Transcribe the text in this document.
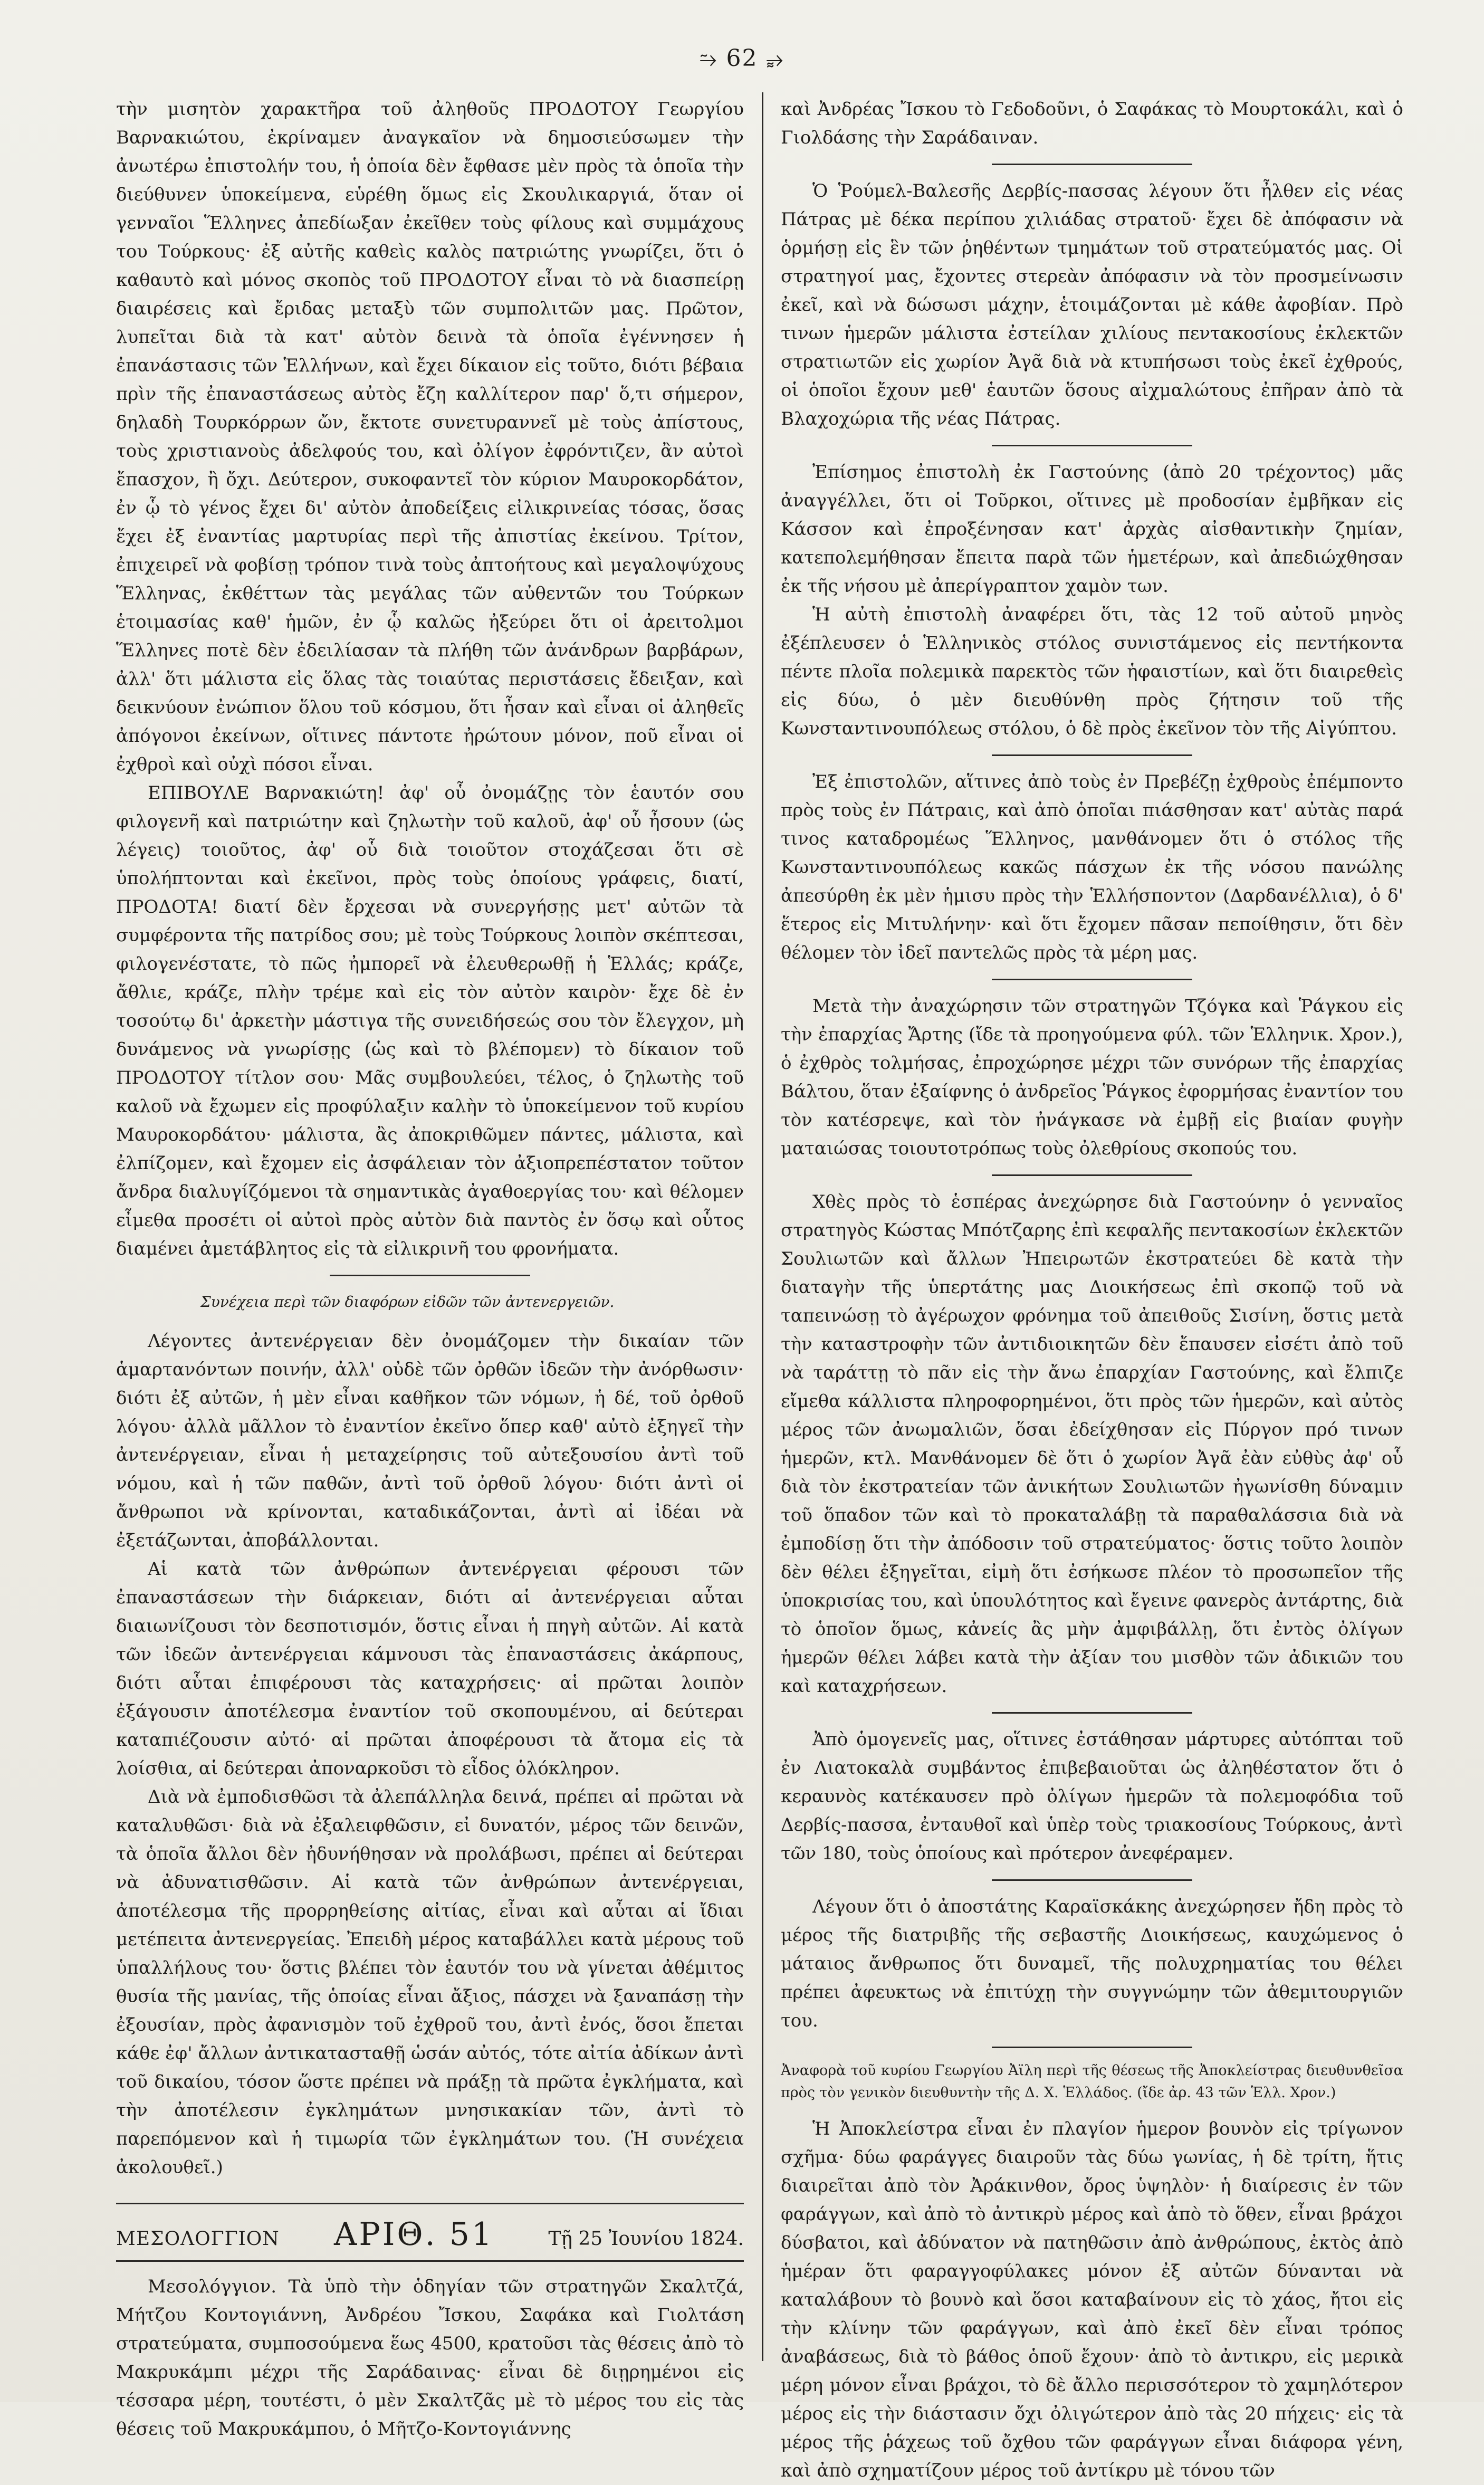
⥲ 62 ⥵

τὴν μισητὸν χαρακτῆρα τοῦ ἀληθοῦς ΠΡΟΔΟΤΟΥ Γεωργίου Βαρνακιώτου, ἐκρίναμεν ἀναγκαῖον νὰ δημοσιεύσωμεν τὴν ἀνωτέρω ἐπιστολήν του, ἡ ὁποία δὲν ἔφθασε μὲν πρὸς τὰ ὁποῖα τὴν διεύθυνεν ὑποκείμενα, εὑρέθη ὅμως εἰς Σκουλικαργιά, ὅταν οἱ γενναῖοι Ἕλληνες ἀπεδίωξαν ἐκεῖθεν τοὺς φίλους καὶ συμμάχους του Τούρκους· ἐξ αὐτῆς καθεὶς καλὸς πατριώτης γνωρίζει, ὅτι ὁ καθαυτὸ καὶ μόνος σκοπὸς τοῦ ΠΡΟΔΟΤΟΥ εἶναι τὸ νὰ διασπείρῃ διαιρέσεις καὶ ἔριδας μεταξὺ τῶν συμπολιτῶν μας. Πρῶτον, λυπεῖται διὰ τὰ κατ' αὐτὸν δεινὰ τὰ ὁποῖα ἐγέννησεν ἡ ἐπανάστασις τῶν Ἑλλήνων, καὶ ἔχει δίκαιον εἰς τοῦτο, διότι βέβαια πρὶν τῆς ἐπαναστάσεως αὐτὸς ἔζη καλλίτερον παρ' ὅ,τι σήμερον, δηλαδὴ Τουρκόρρων ὤν, ἔκτοτε συνετυραννεῖ μὲ τοὺς ἀπίστους, τοὺς χριστιανοὺς ἀδελφούς του, καὶ ὀλίγον ἐφρόντιζεν, ἂν αὐτοὶ ἔπασχον, ἢ ὄχι. Δεύτερον, συκοφαντεῖ τὸν κύριον Μαυροκορδάτον, ἐν ᾧ τὸ γένος ἔχει δι' αὐτὸν ἀποδείξεις εἰλικρινείας τόσας, ὅσας ἔχει ἐξ ἐναντίας μαρτυρίας περὶ τῆς ἀπιστίας ἐκείνου. Τρίτον, ἐπιχειρεῖ νὰ φοβίσῃ τρόπον τινὰ τοὺς ἀπτοήτους καὶ μεγαλοψύχους Ἕλληνας, ἐκθέττων τὰς μεγάλας τῶν αὐθεντῶν του Τούρκων ἑτοιμασίας καθ' ἡμῶν, ἐν ᾧ καλῶς ἠξεύρει ὅτι οἱ ἀρειτολμοι Ἕλληνες ποτὲ δὲν ἐδειλίασαν τὰ πλήθη τῶν ἀνάνδρων βαρβάρων, ἀλλ' ὅτι μάλιστα εἰς ὅλας τὰς τοιαύτας περιστάσεις ἔδειξαν, καὶ δεικνύουν ἐνώπιον ὅλου τοῦ κόσμου, ὅτι ἦσαν καὶ εἶναι οἱ ἀληθεῖς ἀπόγονοι ἐκείνων, οἵτινες πάντοτε ἠρώτουν μόνον, ποῦ εἶναι οἱ ἐχθροὶ καὶ οὐχὶ πόσοι εἶναι.

ΕΠΙΒΟΥΛΕ Βαρνακιώτη! ἀφ' οὗ ὀνομάζῃς τὸν ἑαυτόν σου φιλογενῆ καὶ πατριώτην καὶ ζηλωτὴν τοῦ καλοῦ, ἀφ' οὗ ἦσουν (ὡς λέγεις) τοιοῦτος, ἀφ' οὗ διὰ τοιοῦτον στοχάζεσαι ὅτι σὲ ὑπολήπτονται καὶ ἐκεῖνοι, πρὸς τοὺς ὁποίους γράφεις, διατί, ΠΡΟΔΟΤΑ! διατί δὲν ἔρχεσαι νὰ συνεργήσῃς μετ' αὐτῶν τὰ συμφέροντα τῆς πατρίδος σου; μὲ τοὺς Τούρκους λοιπὸν σκέπτεσαι, φιλογενέστατε, τὸ πῶς ἠμπορεῖ νὰ ἐλευθερωθῇ ἡ Ἑλλάς; κράζε, ἄθλιε, κράζε, πλὴν τρέμε καὶ εἰς τὸν αὐτὸν καιρὸν· ἔχε δὲ ἐν τοσούτῳ δι' ἀρκετὴν μάστιγα τῆς συνειδήσεώς σου τὸν ἔλεγχον, μὴ δυνάμενος νὰ γνωρίσῃς (ὡς καὶ τὸ βλέπομεν) τὸ δίκαιον τοῦ ΠΡΟΔΟΤΟΥ τίτλον σου· Μᾶς συμβουλεύει, τέλος, ὁ ζηλωτὴς τοῦ καλοῦ νὰ ἔχωμεν εἰς προφύλαξιν καλὴν τὸ ὑποκείμενον τοῦ κυρίου Μαυροκορδάτου· μάλιστα, ἂς ἀποκριθῶμεν πάντες, μάλιστα, καὶ ἐλπίζομεν, καὶ ἔχομεν εἰς ἀσφάλειαν τὸν ἀξιοπρεπέστατον τοῦτον ἄνδρα διαλυγίζόμενοι τὰ σημαντικὰς ἀγαθοεργίας του· καὶ θέλομεν εἶμεθα προσέτι οἱ αὐτοὶ πρὸς αὐτὸν διὰ παντὸς ἐν ὅσῳ καὶ οὗτος διαμένει ἀμετάβλητος εἰς τὰ εἰλικρινῆ του φρονήματα.

Συνέχεια περὶ τῶν διαφόρων εἰδῶν τῶν ἀντενεργειῶν.

Λέγοντες ἀντενέργειαν δὲν ὀνομάζομεν τὴν δικαίαν τῶν ἁμαρτανόντων ποινήν, ἀλλ' οὐδὲ τῶν ὀρθῶν ἰδεῶν τὴν ἀνόρθωσιν· διότι ἐξ αὐτῶν, ἡ μὲν εἶναι καθῆκον τῶν νόμων, ἡ δέ, τοῦ ὀρθοῦ λόγου· ἀλλὰ μᾶλλον τὸ ἐναντίον ἐκεῖνο ὅπερ καθ' αὐτὸ ἐξηγεῖ τὴν ἀντενέργειαν, εἶναι ἡ μεταχείρησις τοῦ αὐτεξουσίου ἀντὶ τοῦ νόμου, καὶ ἡ τῶν παθῶν, ἀντὶ τοῦ ὀρθοῦ λόγου· διότι ἀντὶ οἱ ἄνθρωποι νὰ κρίνονται, καταδικάζονται, ἀντὶ αἱ ἰδέαι νὰ ἐξετάζωνται, ἀποβάλλονται.

Αἱ κατὰ τῶν ἀνθρώπων ἀντενέργειαι φέρουσι τῶν ἐπαναστάσεων τὴν διάρκειαν, διότι αἱ ἀντενέργειαι αὗται διαιωνίζουσι τὸν δεσποτισμόν, ὅστις εἶναι ἡ πηγὴ αὐτῶν. Αἱ κατὰ τῶν ἰδεῶν ἀντενέργειαι κάμνουσι τὰς ἐπαναστάσεις ἀκάρπους, διότι αὗται ἐπιφέρουσι τὰς καταχρήσεις· αἱ πρῶται λοιπὸν ἐξάγουσιν ἀποτέλεσμα ἐναντίον τοῦ σκοπουμένου, αἱ δεύτεραι καταπιέζουσιν αὐτό· αἱ πρῶται ἀποφέρουσι τὰ ἄτομα εἰς τὰ λοίσθια, αἱ δεύτεραι ἀποναρκοῦσι τὸ εἶδος ὁλόκληρον.

Διὰ νὰ ἐμποδισθῶσι τὰ ἀλεπάλληλα δεινά, πρέπει αἱ πρῶται νὰ καταλυθῶσι· διὰ νὰ ἐξαλειφθῶσιν, εἰ δυνατόν, μέρος τῶν δεινῶν, τὰ ὁποῖα ἄλλοι δὲν ἠδυνήθησαν νὰ προλάβωσι, πρέπει αἱ δεύτεραι νὰ ἀδυνατισθῶσιν. Αἱ κατὰ τῶν ἀνθρώπων ἀντενέργειαι, ἀποτέλεσμα τῆς προρρηθείσης αἰτίας, εἶναι καὶ αὗται αἱ ἴδιαι μετέπειτα ἀντενεργείας. Ἐπειδὴ μέρος καταβάλλει κατὰ μέρους τοῦ ὑπαλλήλους του· ὅστις βλέπει τὸν ἑαυτόν του νὰ γίνεται ἀθέμιτος θυσία τῆς μανίας, τῆς ὁποίας εἶναι ἄξιος, πάσχει νὰ ξαναπάσῃ τὴν ἐξουσίαν, πρὸς ἀφανισμὸν τοῦ ἐχθροῦ του, ἀντὶ ἐνός, ὅσοι ἔπεται κάθε ἐφ' ἄλλων ἀντικατασταθῇ ὡσάν αὐτός, τότε αἰτία ἀδίκων ἀντὶ τοῦ δικαίου, τόσον ὥστε πρέπει νὰ πράξῃ τὰ πρῶτα ἐγκλήματα, καὶ τὴν ἀποτέλεσιν ἐγκλημάτων μνησικακίαν τῶν, ἀντὶ τὸ παρεπόμενον καὶ ἡ τιμωρία τῶν ἐγκλημάτων του. (Ἡ συνέχεια ἀκολουθεῖ.)

ΜΕΣΟΛΟΓΓΙΟΝ ΑΡΙΘ. 51	Τῇ 25 Ἰουνίου 1824.

Μεσολόγγιον. Τὰ ὑπὸ τὴν ὁδηγίαν τῶν στρατηγῶν Σκαλτζά, Μήτζου Κοντογιάννη, Ἀνδρέου Ἴσκου, Σαφάκα καὶ Γιολτάση στρατεύματα, συμποσούμενα ἕως 4500, κρατοῦσι τὰς θέσεις ἀπὸ τὸ Μακρυκάμπι μέχρι τῆς Σαράδαινας· εἶναι δὲ διῃρημένοι εἰς τέσσαρα μέρη, τουτέστι, ὁ μὲν Σκαλτζᾶς μὲ τὸ μέρος του εἰς τὰς θέσεις τοῦ Μακρυκάμπου, ὁ Μῆτζο-Κοντογιάννης

καὶ Ἀνδρέας Ἴσκου τὸ Γεδοδοῦνι, ὁ Σαφάκας τὸ Μουρτοκάλι, καὶ ὁ Γιολδάσης τὴν Σαράδαιναν.

Ὁ Ῥούμελ-Βαλεσῆς Δερβίς-πασσας λέγουν ὅτι ἦλθεν εἰς νέας Πάτρας μὲ δέκα περίπου χιλιάδας στρατοῦ· ἔχει δὲ ἀπόφασιν νὰ ὁρμήσῃ εἰς ἓν τῶν ῥηθέντων τμημάτων τοῦ στρατεύματός μας. Οἱ στρατηγοί μας, ἔχοντες στερεὰν ἀπόφασιν νὰ τὸν προσμείνωσιν ἐκεῖ, καὶ νὰ δώσωσι μάχην, ἑτοιμάζονται μὲ κάθε ἀφοβίαν. Πρὸ τινων ἡμερῶν μάλιστα ἐστείλαν χιλίους πεντακοσίους ἐκλεκτῶν στρατιωτῶν εἰς χωρίον Ἀγᾶ διὰ νὰ κτυπήσωσι τοὺς ἐκεῖ ἐχθρούς, οἱ ὁποῖοι ἔχουν μεθ' ἑαυτῶν ὅσους αἰχμαλώτους ἐπῆραν ἀπὸ τὰ Βλαχοχώρια τῆς νέας Πάτρας.

Ἐπίσημος ἐπιστολὴ ἐκ Γαστούνης (ἀπὸ 20 τρέχοντος) μᾶς ἀναγγέλλει, ὅτι οἱ Τοῦρκοι, οἵτινες μὲ προδοσίαν ἐμβῆκαν εἰς Κάσσον καὶ ἐπροξένησαν κατ' ἀρχὰς αἰσθαντικὴν ζημίαν, κατεπολεμήθησαν ἔπειτα παρὰ τῶν ἡμετέρων, καὶ ἀπεδιώχθησαν ἐκ τῆς νήσου μὲ ἀπερίγραπτον χαμὸν των.

Ἡ αὐτὴ ἐπιστολὴ ἀναφέρει ὅτι, τὰς 12 τοῦ αὐτοῦ μηνὸς ἐξέπλευσεν ὁ Ἑλληνικὸς στόλος συνιστάμενος εἰς πεντήκοντα πέντε πλοῖα πολεμικὰ παρεκτὸς τῶν ἡφαιστίων, καὶ ὅτι διαιρεθεὶς εἰς δύω, ὁ μὲν διευθύνθη πρὸς ζήτησιν τοῦ τῆς Κωνσταντινουπόλεως στόλου, ὁ δὲ πρὸς ἐκεῖνον τὸν τῆς Αἰγύπτου.

Ἐξ ἐπιστολῶν, αἵτινες ἀπὸ τοὺς ἐν Πρεβέζῃ ἐχθροὺς ἐπέμποντο πρὸς τοὺς ἐν Πάτραις, καὶ ἀπὸ ὁποῖαι πιάσθησαν κατ' αὐτὰς παρά τινος καταδρομέως Ἕλληνος, μανθάνομεν ὅτι ὁ στόλος τῆς Κωνσταντινουπόλεως κακῶς πάσχων ἐκ τῆς νόσου πανώλης ἀπεσύρθη ἐκ μὲν ἡμισυ πρὸς τὴν Ἑλλήσποντον (Δαρδανέλλια), ὁ δ' ἕτερος εἰς Μιτυλήνην· καὶ ὅτι ἔχομεν πᾶσαν πεποίθησιν, ὅτι δὲν θέλομεν τὸν ἰδεῖ παντελῶς πρὸς τὰ μέρη μας.

Μετὰ τὴν ἀναχώρησιν τῶν στρατηγῶν Τζόγκα καὶ Ῥάγκου εἰς τὴν ἐπαρχίας Ἄρτης (ἴδε τὰ προηγούμενα φύλ. τῶν Ἑλληνικ. Χρον.), ὁ ἐχθρὸς τολμήσας, ἐπροχώρησε μέχρι τῶν συνόρων τῆς ἐπαρχίας Βάλτου, ὅταν ἐξαίφνης ὁ ἀνδρεῖος Ῥάγκος ἐφορμήσας ἐναντίον του τὸν κατέσρεψε, καὶ τὸν ἠνάγκασε νὰ ἐμβῇ εἰς βιαίαν φυγὴν ματαιώσας τοιουτοτρόπως τοὺς ὀλεθρίους σκοπούς του.

Χθὲς πρὸς τὸ ἑσπέρας ἀνεχώρησε διὰ Γαστούνην ὁ γενναῖος στρατηγὸς Κώστας Μπότζαρης ἐπὶ κεφαλῆς πεντακοσίων ἐκλεκτῶν Σουλιωτῶν καὶ ἄλλων Ἠπειρωτῶν ἐκστρατεύει δὲ κατὰ τὴν διαταγὴν τῆς ὑπερτάτης μας Διοικήσεως ἐπὶ σκοπῷ τοῦ νὰ ταπεινώσῃ τὸ ἀγέρωχον φρόνημα τοῦ ἀπειθοῦς Σισίνη, ὅστις μετὰ τὴν καταστροφὴν τῶν ἀντιδιοικητῶν δὲν ἔπαυσεν εἰσέτι ἀπὸ τοῦ νὰ ταράττῃ τὸ πᾶν εἰς τὴν ἄνω ἐπαρχίαν Γαστούνης, καὶ ἔλπιζε εἴμεθα κάλλιστα πληροφορημένοι, ὅτι πρὸς τῶν ἡμερῶν, καὶ αὐτὸς μέρος τῶν ἀνωμαλιῶν, ὅσαι ἐδείχθησαν εἰς Πύργον πρό τινων ἡμερῶν, κτλ. Μανθάνομεν δὲ ὅτι ὁ χωρίον Ἀγᾶ ἐὰν εὐθὺς ἀφ' οὗ διὰ τὸν ἐκστρατείαν τῶν ἀνικήτων Σουλιωτῶν ἠγωνίσθη δύναμιν τοῦ ὅπαδον τῶν καὶ τὸ προκαταλάβῃ τὰ παραθαλάσσια διὰ νὰ ἐμποδίσῃ ὅτι τὴν ἀπόδοσιν τοῦ στρατεύματος· ὅστις τοῦτο λοιπὸν δὲν θέλει ἐξηγεῖται, εἰμὴ ὅτι ἐσήκωσε πλέον τὸ προσωπεῖον τῆς ὑποκρισίας του, καὶ ὑπουλότητος καὶ ἔγεινε φανερὸς ἀντάρτης, διὰ τὸ ὁποῖον ὅμως, κἀνείς ἂς μὴν ἀμφιβάλλῃ, ὅτι ἐντὸς ὀλίγων ἡμερῶν θέλει λάβει κατὰ τὴν ἀξίαν του μισθὸν τῶν ἀδικιῶν του καὶ καταχρήσεων.

Ἀπὸ ὁμογενεῖς μας, οἵτινες ἐστάθησαν μάρτυρες αὐτόπται τοῦ ἐν Λιατοκαλὰ συμβάντος ἐπιβεβαιοῦται ὡς ἀληθέστατον ὅτι ὁ κεραυνὸς κατέκαυσεν πρὸ ὀλίγων ἡμερῶν τὰ πολεμοφόδια τοῦ Δερβίς-πασσα, ἐνταυθοῖ καὶ ὑπὲρ τοὺς τριακοσίους Τούρκους, ἀντὶ τῶν 180, τοὺς ὁποίους καὶ πρότερον ἀνεφέραμεν.

Λέγουν ὅτι ὁ ἀποστάτης Καραϊσκάκης ἀνεχώρησεν ἤδη πρὸς τὸ μέρος τῆς διατριβῆς τῆς σεβαστῆς Διοικήσεως, καυχώμενος ὁ μάταιος ἄνθρωπος ὅτι δυναμεῖ, τῆς πολυχρηματίας του θέλει πρέπει ἀφευκτως νὰ ἐπιτύχῃ τὴν συγγνώμην τῶν ἀθεμιτουργιῶν του.

Ἀναφορὰ τοῦ κυρίου Γεωργίου Ἀϊλη περὶ τῆς θέσεως τῆς Ἀποκλείστρας διευθυνθεῖσα πρὸς τὸν γενικὸν διευθυντὴν τῆς Δ. Χ. Ἑλλάδος. (ἴδε ἀρ. 43 τῶν Ἑλλ. Χρον.)

Ἡ Ἀποκλείστρα εἶναι ἐν πλαγίον ἡμερον βουνὸν εἰς τρίγωνον σχῆμα· δύω φαράγγες διαιροῦν τὰς δύω γωνίας, ἡ δὲ τρίτη, ἥτις διαιρεῖται ἀπὸ τὸν Ἀράκινθον, ὄρος ὑψηλὸν· ἡ διαίρεσις ἐν τῶν φαράγγων, καὶ ἀπὸ τὸ ἀντικρὺ μέρος καὶ ἀπὸ τὸ ὅθεν, εἶναι βράχοι δύσβατοι, καὶ ἀδύνατον νὰ πατηθῶσιν ἀπὸ ἀνθρώπους, ἐκτὸς ἀπὸ ἡμέραν ὅτι φαραγγοφύλακες μόνον ἐξ αὐτῶν δύνανται νὰ καταλάβουν τὸ βουνὸ καὶ ὅσοι καταβαίνουν εἰς τὸ χάος, ἤτοι εἰς τὴν κλίνην τῶν φαράγγων, καὶ ἀπὸ ἐκεῖ δὲν εἶναι τρόπος ἀναβάσεως, διὰ τὸ βάθος ὁποῦ ἔχουν· ἀπὸ τὸ ἀντικρυ, εἰς μερικὰ μέρη μόνον εἶναι βράχοι, τὸ δὲ ἄλλο περισσότερον τὸ χαμηλότερον μέρος εἰς τὴν διάστασιν ὄχι ὀλιγώτερον ἀπὸ τὰς 20 πήχεις· εἰς τὰ μέρος τῆς ῥάχεως τοῦ ὄχθου τῶν φαράγγων εἶναι διάφορα γένη, καὶ ἀπὸ σχηματίζουν μέρος τοῦ ἀντίκρυ μὲ τόνου τῶν
